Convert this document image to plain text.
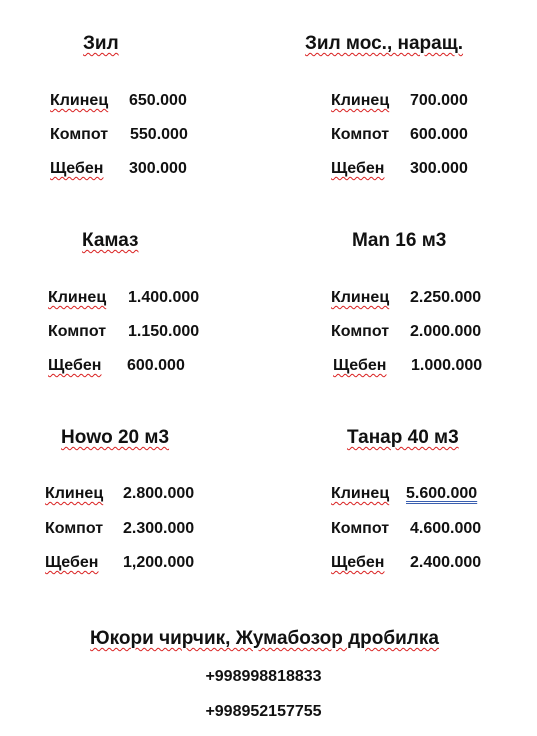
Зил
Клинец 650.000
Компот 550.000
Щебен 300.000
Зил мос., наращ.
Клинец 700.000
Компот 600.000
Щебен 300.000
Камаз
Клинец 1.400.000
Компот 1.150.000
Щебен 600.000
Man 16 м3
Клинец 2.250.000
Компот 2.000.000
Щебен 1.000.000
Howo 20 м3
Клинец 2.800.000
Компот 2.300.000
Щебен 1,200.000
Танар 40 м3
Клинец 5.600.000
Компот 4.600.000
Щебен 2.400.000
Юкори чирчик, Жумабозор дробилка
+998998818833
+998952157755
